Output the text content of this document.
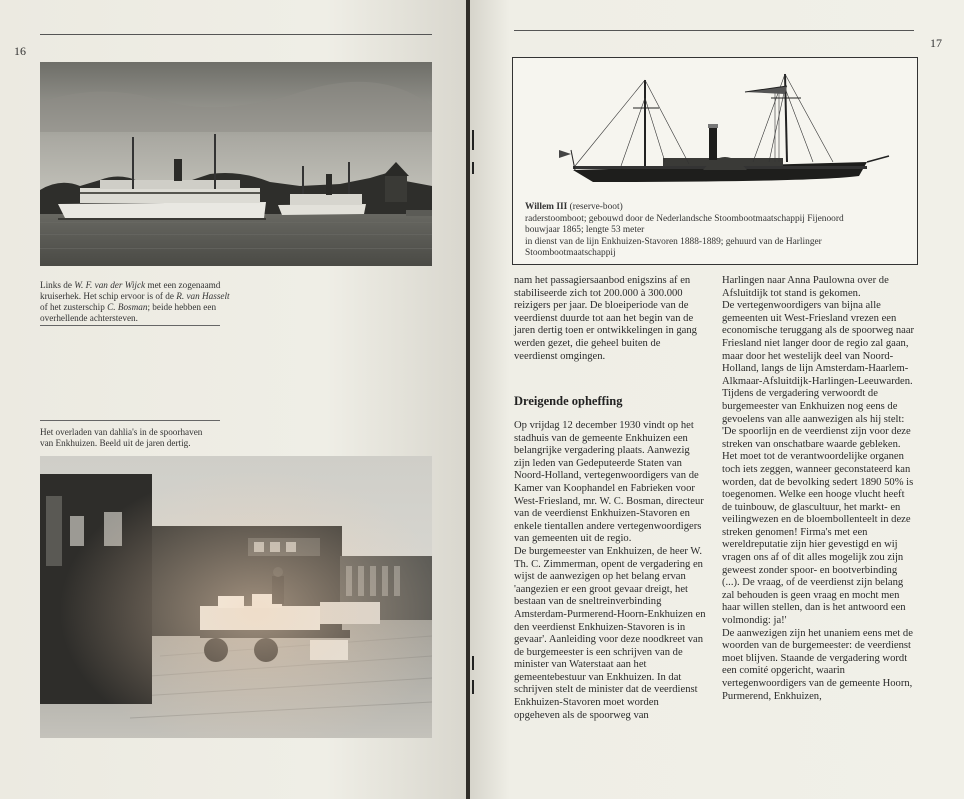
16
Links de W. F. van der Wijck met een zogenaamd kruiserhek. Het schip ervoor is of de R. van Hasselt of het zusterschip C. Bosman; beide hebben een overhellende achtersteven.
Het overladen van dahlia's in de spoorhaven van Enkhuizen. Beeld uit de jaren dertig.
17
Willem III (reserve-boot)
raderstoomboot; gebouwd door de Nederlandsche Stoombootmaatschappij Fijenoord
bouwjaar 1865; lengte 53 meter
in dienst van de lijn Enkhuizen-Stavoren 1888-1889; gehuurd van de Harlinger
Stoombootmaatschappij

nam het passagiersaanbod enigszins af en stabiliseerde zich tot 200.000 à 300.000 reizigers per jaar. De bloeiperiode van de veerdienst duurde tot aan het begin van de jaren dertig toen er ontwikkelingen in gang werden gezet, die geheel buiten de veerdienst omgingen.

Dreigende opheffing

Op vrijdag 12 december 1930 vindt op het stadhuis van de gemeente Enkhuizen een belangrijke vergadering plaats. Aanwezig zijn leden van Gedeputeerde Staten van Noord-Holland, vertegenwoordigers van de Kamer van Koophandel en Fabrieken voor West-Friesland, mr. W. C. Bosman, directeur van de veerdienst Enkhuizen-Stavoren en enkele tientallen andere vertegenwoordigers van gemeenten uit de regio.

De burgemeester van Enkhuizen, de heer W. Th. C. Zimmerman, opent de vergadering en wijst de aanwezigen op het belang ervan 'aangezien er een groot gevaar dreigt, het bestaan van de sneltreinverbinding Amsterdam-Purmerend-Hoorn-Enkhuizen en den veerdienst Enkhuizen-Stavoren is in gevaar'. Aanleiding voor deze noodkreet van de burgemeester is een schrijven van de minister van Waterstaat aan het gemeentebestuur van Enkhuizen. In dat schrijven stelt de minister dat de veerdienst Enkhuizen-Stavoren moet worden opgeheven als de spoorweg van

Harlingen naar Anna Paulowna over de Afsluitdijk tot stand is gekomen.

De vertegenwoordigers van bijna alle gemeenten uit West-Friesland vrezen een economische teruggang als de spoorweg naar Friesland niet langer door de regio zal gaan, maar door het westelijk deel van Noord-Holland, langs de lijn Amsterdam-Haarlem-Alkmaar-Afsluitdijk-Harlingen-Leeuwarden.

Tijdens de vergadering verwoordt de burgemeester van Enkhuizen nog eens de gevoelens van alle aanwezigen als hij stelt: 'De spoorlijn en de veerdienst zijn voor deze streken van onschatbare waarde gebleken. Het moet tot de verantwoordelijke organen toch iets zeggen, wanneer geconstateerd kan worden, dat de bevolking sedert 1890 50% is toegenomen. Welke een hooge vlucht heeft de tuinbouw, de glascultuur, het markt- en veilingwezen en de bloembollenteelt in deze streken genomen! Firma's met een wereldreputatie zijn hier gevestigd en wij vragen ons af of dit alles mogelijk zou zijn geweest zonder spoor- en bootverbinding (...). De vraag, of de veerdienst zijn belang zal behouden is geen vraag en mocht men haar willen stellen, dan is het antwoord een volmondig: ja!'

De aanwezigen zijn het unaniem eens met de woorden van de burgemeester: de veerdienst moet blijven. Staande de vergadering wordt een comité opgericht, waarin vertegenwoordigers van de gemeente Hoorn, Purmerend, Enkhuizen,
